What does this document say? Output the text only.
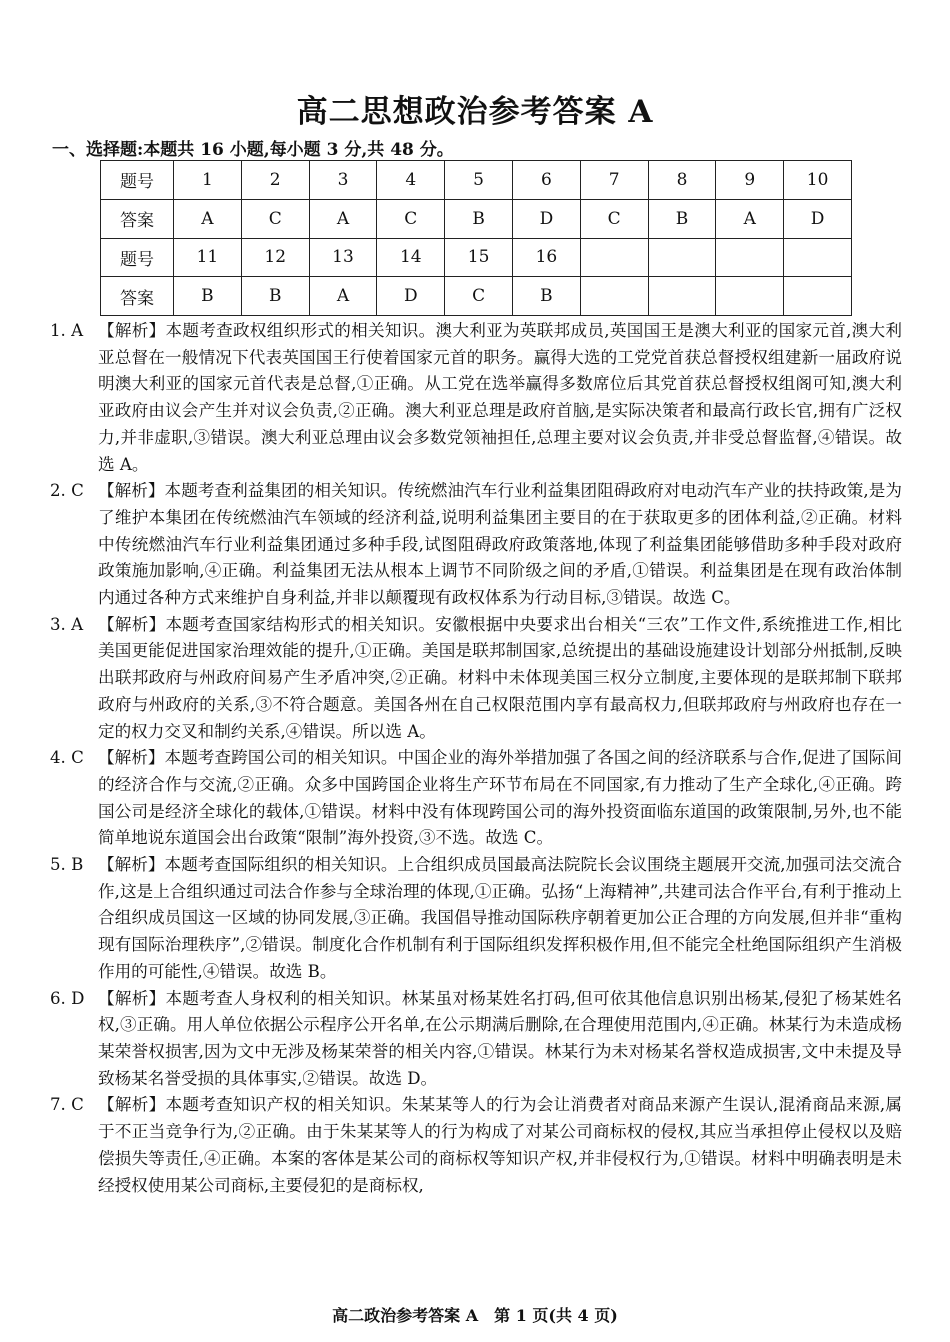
高二思想政治参考答案 A
一、选择题:本题共 16 小题,每小题 3 分,共 48 分。
题号	1	2	3	4	5	6	7	8	9	10
答案	A	C	A	C	B	D	C	B	A	D
题号	11	12	13	14	15	16				
答案	B	B	A	D	C	B				
1. A 【解析】本题考查政权组织形式的相关知识。澳大利亚为英联邦成员,英国国王是澳大利亚的国家元首,澳大利亚总督在一般情况下代表英国国王行使着国家元首的职务。赢得大选的工党党首获总督授权组建新一届政府说明澳大利亚的国家元首代表是总督,①正确。从工党在选举赢得多数席位后其党首获总督授权组阁可知,澳大利亚政府由议会产生并对议会负责,②正确。澳大利亚总理是政府首脑,是实际决策者和最高行政长官,拥有广泛权力,并非虚职,③错误。澳大利亚总理由议会多数党领袖担任,总理主要对议会负责,并非受总督监督,④错误。故选 A。
2. C 【解析】本题考查利益集团的相关知识。传统燃油汽车行业利益集团阻碍政府对电动汽车产业的扶持政策,是为了维护本集团在传统燃油汽车领域的经济利益,说明利益集团主要目的在于获取更多的团体利益,②正确。材料中传统燃油汽车行业利益集团通过多种手段,试图阻碍政府政策落地,体现了利益集团能够借助多种手段对政府政策施加影响,④正确。利益集团无法从根本上调节不同阶级之间的矛盾,①错误。利益集团是在现有政治体制内通过各种方式来维护自身利益,并非以颠覆现有政权体系为行动目标,③错误。故选 C。
3. A 【解析】本题考查国家结构形式的相关知识。安徽根据中央要求出台相关“三农”工作文件,系统推进工作,相比美国更能促进国家治理效能的提升,①正确。美国是联邦制国家,总统提出的基础设施建设计划部分州抵制,反映出联邦政府与州政府间易产生矛盾冲突,②正确。材料中未体现美国三权分立制度,主要体现的是联邦制下联邦政府与州政府的关系,③不符合题意。美国各州在自己权限范围内享有最高权力,但联邦政府与州政府也存在一定的权力交叉和制约关系,④错误。所以选 A。
4. C 【解析】本题考查跨国公司的相关知识。中国企业的海外举措加强了各国之间的经济联系与合作,促进了国际间的经济合作与交流,②正确。众多中国跨国企业将生产环节布局在不同国家,有力推动了生产全球化,④正确。跨国公司是经济全球化的载体,①错误。材料中没有体现跨国公司的海外投资面临东道国的政策限制,另外,也不能简单地说东道国会出台政策“限制”海外投资,③不选。故选 C。
5. B 【解析】本题考查国际组织的相关知识。上合组织成员国最高法院院长会议围绕主题展开交流,加强司法交流合作,这是上合组织通过司法合作参与全球治理的体现,①正确。弘扬“上海精神”,共建司法合作平台,有利于推动上合组织成员国这一区域的协同发展,③正确。我国倡导推动国际秩序朝着更加公正合理的方向发展,但并非“重构现有国际治理秩序”,②错误。制度化合作机制有利于国际组织发挥积极作用,但不能完全杜绝国际组织产生消极作用的可能性,④错误。故选 B。
6. D 【解析】本题考查人身权利的相关知识。林某虽对杨某姓名打码,但可依其他信息识别出杨某,侵犯了杨某姓名权,③正确。用人单位依据公示程序公开名单,在公示期满后删除,在合理使用范围内,④正确。林某行为未造成杨某荣誉权损害,因为文中无涉及杨某荣誉的相关内容,①错误。林某行为未对杨某名誉权造成损害,文中未提及导致杨某名誉受损的具体事实,②错误。故选 D。
7. C 【解析】本题考查知识产权的相关知识。朱某某等人的行为会让消费者对商品来源产生误认,混淆商品来源,属于不正当竞争行为,②正确。由于朱某某等人的行为构成了对某公司商标权的侵权,其应当承担停止侵权以及赔偿损失等责任,④正确。本案的客体是某公司的商标权等知识产权,并非侵权行为,①错误。材料中明确表明是未经授权使用某公司商标,主要侵犯的是商标权,
高二政治参考答案 A　第 1 页(共 4 页)
